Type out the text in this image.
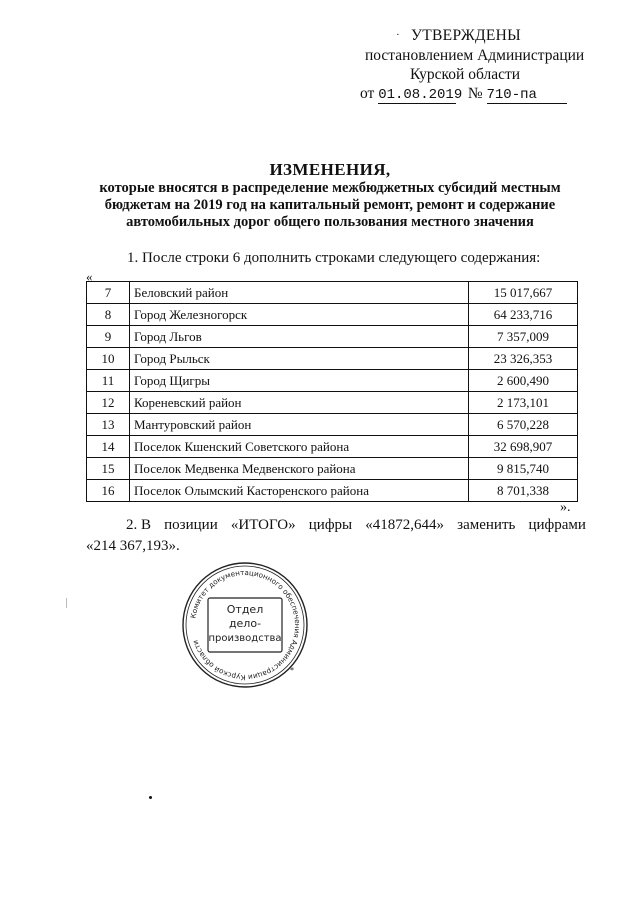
· УТВЕРЖДЕНЫ
постановлением Администрации
Курской области
от 01.08.2019 № 710-па
ИЗМЕНЕНИЯ,
которые вносятся в распределение межбюджетных субсидий местным
бюджетам на 2019 год на капитальный ремонт, ремонт и содержание
автомобильных дорог общего пользования местного значения
1. После строки 6 дополнить строками следующего содержания:
«
7	Беловский район	15 017,667
8	Город Железногорск	64 233,716
9	Город Льгов	7 357,009
10	Город Рыльск	23 326,353
11	Город Щигры	2 600,490
12	Кореневский район	2 173,101
13	Мантуровский район	6 570,228
14	Поселок Кшенский Советского района	32 698,907
15	Поселок Медвенка Медвенского района	9 815,740
16	Поселок Олымский Касторенского района	8 701,338
».
2. В позиции «ИТОГО» цифры «41872,644» заменить цифрами
«214 367,193».
Комитет документационного обеспечения Администрации Курской области
Отдел
дело-
производства
*
